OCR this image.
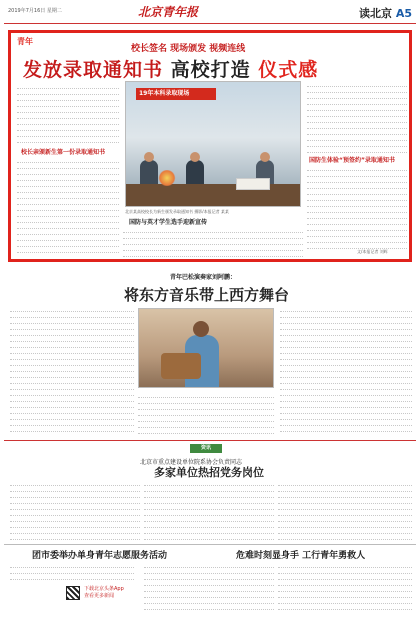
2019年7月16日 星期二	北京青年报	读北京 A5
青年
校长签名 现场颁发 视频连线
发放录取通知书 高校打造 仪式感
校长亲颁新生第一份录取通知书
19年本科录取现场
北京某高校校长为新生颁发录取通知书 摄影/本报记者 某某
国防与英才学生选手迎新宣传
国防生体验“预签约”录取通知书
文/本报记者 刘辉
青年巴松演奏家刘阿鹏：
将东方音乐带上西方舞台
资讯
北京市重点建设单位院系协会负责同志
多家单位热招党务岗位
团市委举办单身青年志愿服务活动	危难时刻显身手 工行青年勇救人
下载北京头条App
查看更多新闻
